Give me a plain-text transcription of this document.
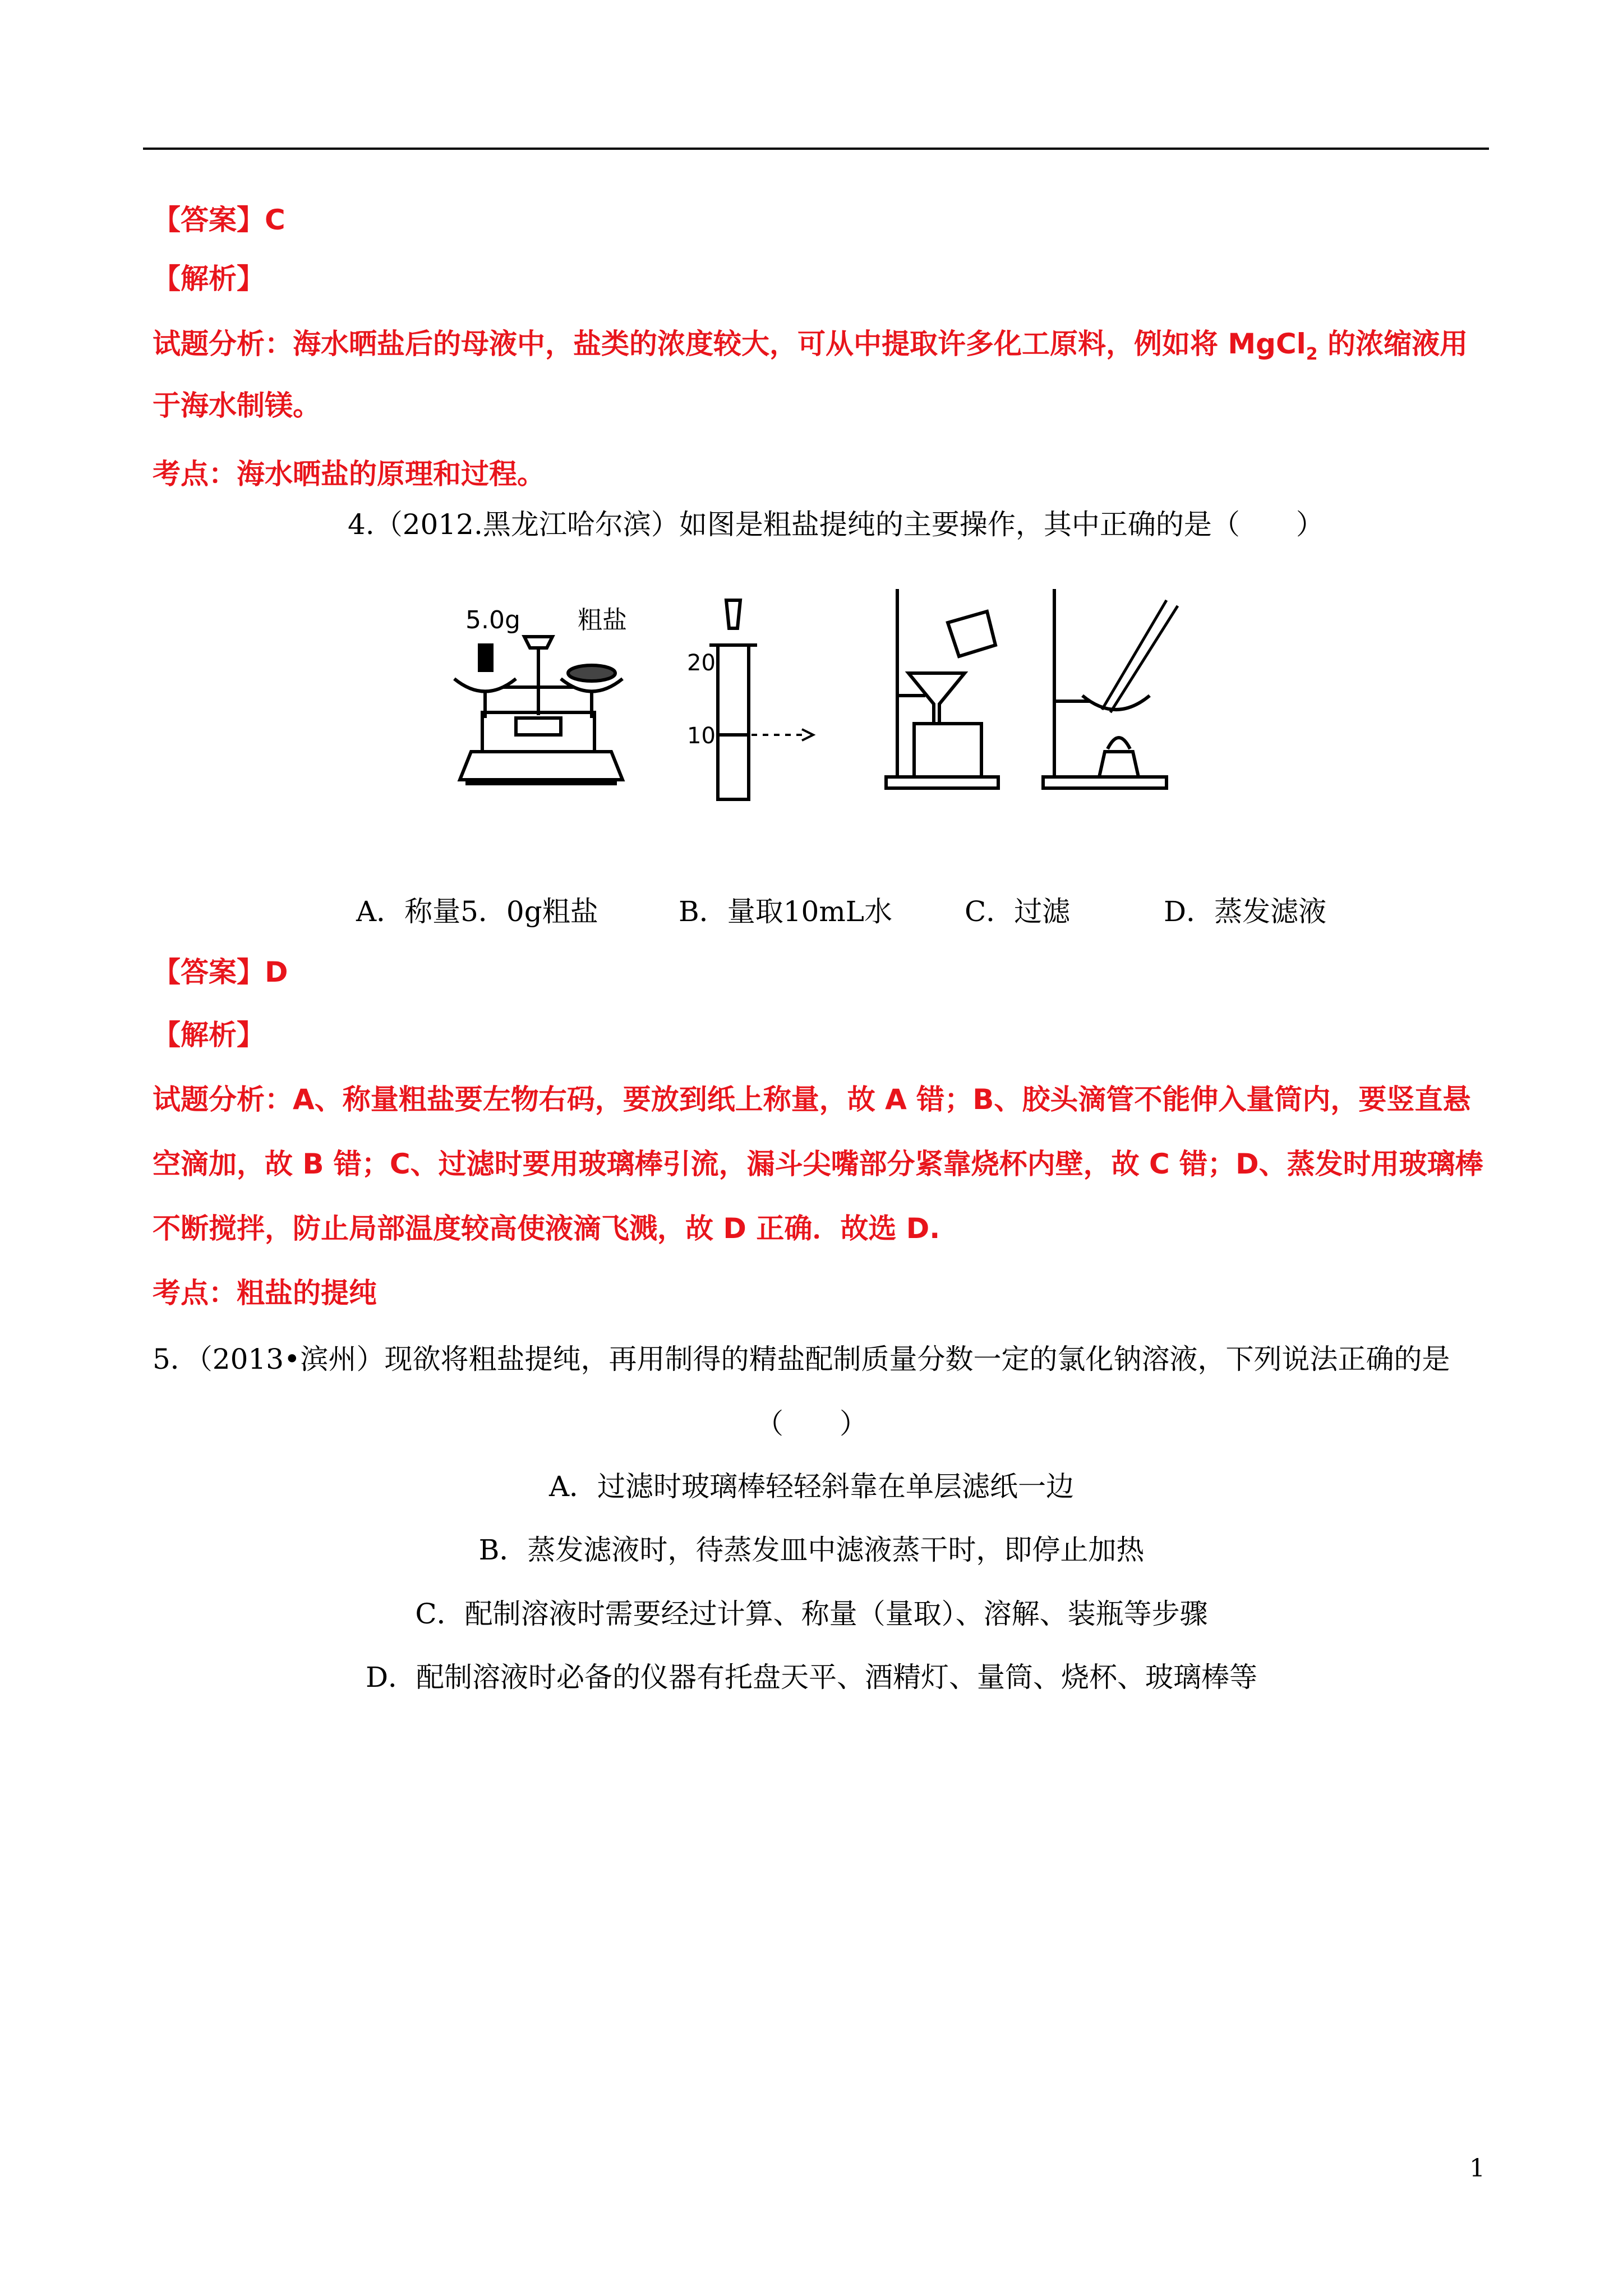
【答案】C
【解析】
试题分析：海水晒盐后的母液中，盐类的浓度较大，可从中提取许多化工原料，例如将 MgCl$_2$ 的浓缩液用
于海水制镁。
考点：海水晒盐的原理和过程。
4.（2012.黑龙江哈尔滨）如图是粗盐提纯的主要操作，其中正确的是（　　）
5.0g 粗盐
20
10
A．称量5．0g粗盐	B．量取10mL水	C．过滤	D．蒸发滤液
【答案】D
【解析】
试题分析：A、称量粗盐要左物右码，要放到纸上称量，故 A 错；B、胶头滴管不能伸入量筒内，要竖直悬
空滴加，故 B 错；C、过滤时要用玻璃棒引流，漏斗尖嘴部分紧靠烧杯内壁，故 C 错；D、蒸发时用玻璃棒
不断搅拌，防止局部温度较高使液滴飞溅，故 D 正确．故选 D.
考点：粗盐的提纯
5．（2013•滨州）现欲将粗盐提纯，再用制得的精盐配制质量分数一定的氯化钠溶液，下列说法正确的是
（　　）
A．过滤时玻璃棒轻轻斜靠在单层滤纸一边
B．蒸发滤液时，待蒸发皿中滤液蒸干时，即停止加热
C．配制溶液时需要经过计算、称量（量取）、溶解、装瓶等步骤
D．配制溶液时必备的仪器有托盘天平、酒精灯、量筒、烧杯、玻璃棒等
1
